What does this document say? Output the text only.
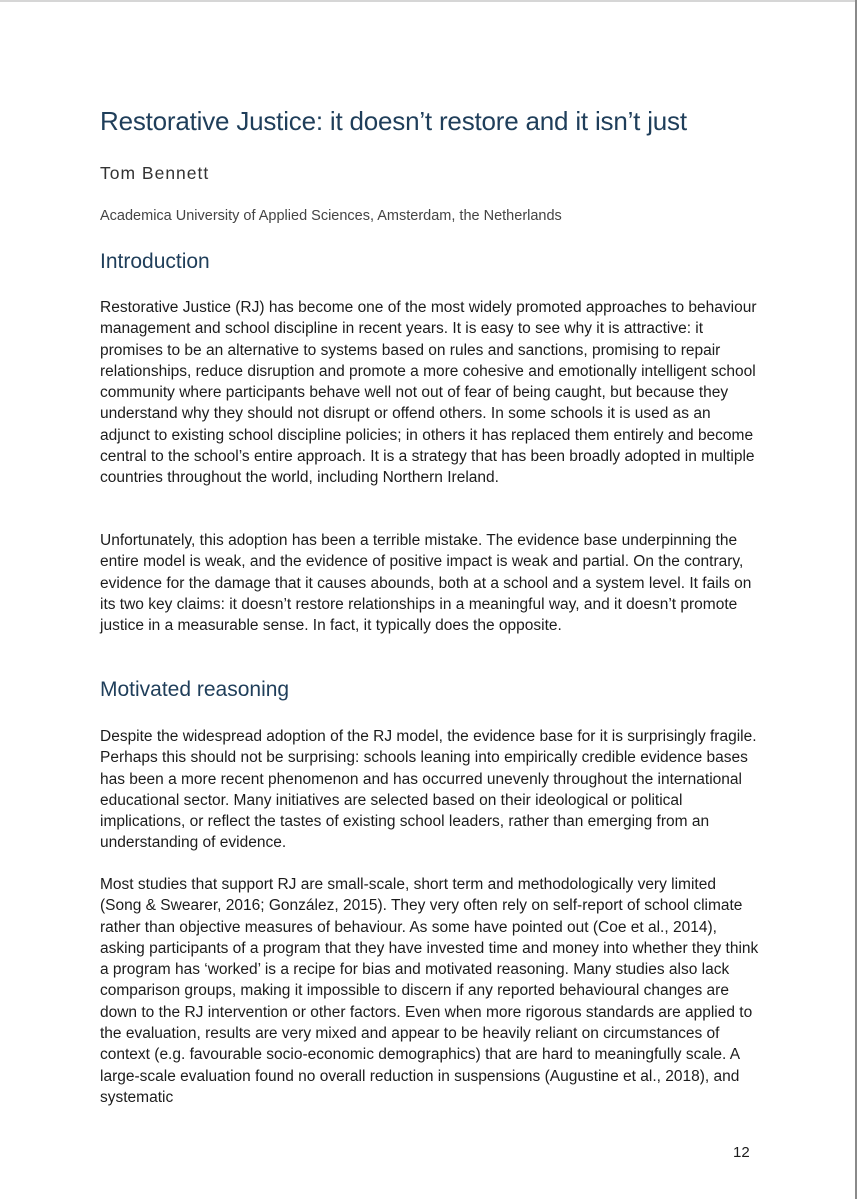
Restorative Justice: it doesn’t restore and it isn’t just
Tom Bennett
Academica University of Applied Sciences, Amsterdam, the Netherlands
Introduction

Restorative Justice (RJ) has become one of the most widely promoted approaches to behaviour management and school discipline in recent years. It is easy to see why it is attractive: it promises to be an alternative to systems based on rules and sanctions, promising to repair relationships, reduce disruption and promote a more cohesive and emotionally intelligent school community where participants behave well not out of fear of being caught, but because they understand why they should not disrupt or offend others. In some schools it is used as an adjunct to existing school discipline policies; in others it has replaced them entirely and become central to the school’s entire approach. It is a strategy that has been broadly adopted in multiple countries throughout the world, including Northern Ireland.

Unfortunately, this adoption has been a terrible mistake. The evidence base underpinning the entire model is weak, and the evidence of positive impact is weak and partial. On the contrary, evidence for the damage that it causes abounds, both at a school and a system level. It fails on its two key claims: it doesn’t restore relationships in a meaningful way, and it doesn’t promote justice in a measurable sense. In fact, it typically does the opposite.

Motivated reasoning

Despite the widespread adoption of the RJ model, the evidence base for it is surprisingly fragile. Perhaps this should not be surprising: schools leaning into empirically credible evidence bases has been a more recent phenomenon and has occurred unevenly throughout the international educational sector. Many initiatives are selected based on their ideological or political implications, or reflect the tastes of existing school leaders, rather than emerging from an understanding of evidence.

Most studies that support RJ are small-scale, short term and methodologically very limited (Song & Swearer, 2016; González, 2015). They very often rely on self-report of school climate rather than objective measures of behaviour. As some have pointed out (Coe et al., 2014), asking participants of a program that they have invested time and money into whether they think a program has ‘worked’ is a recipe for bias and motivated reasoning. Many studies also lack comparison groups, making it impossible to discern if any reported behavioural changes are down to the RJ intervention or other factors. Even when more rigorous standards are applied to the evaluation, results are very mixed and appear to be heavily reliant on circumstances of context (e.g. favourable socio-economic demographics) that are hard to meaningfully scale. A large-scale evaluation found no overall reduction in suspensions (Augustine et al., 2018), and systematic

12
